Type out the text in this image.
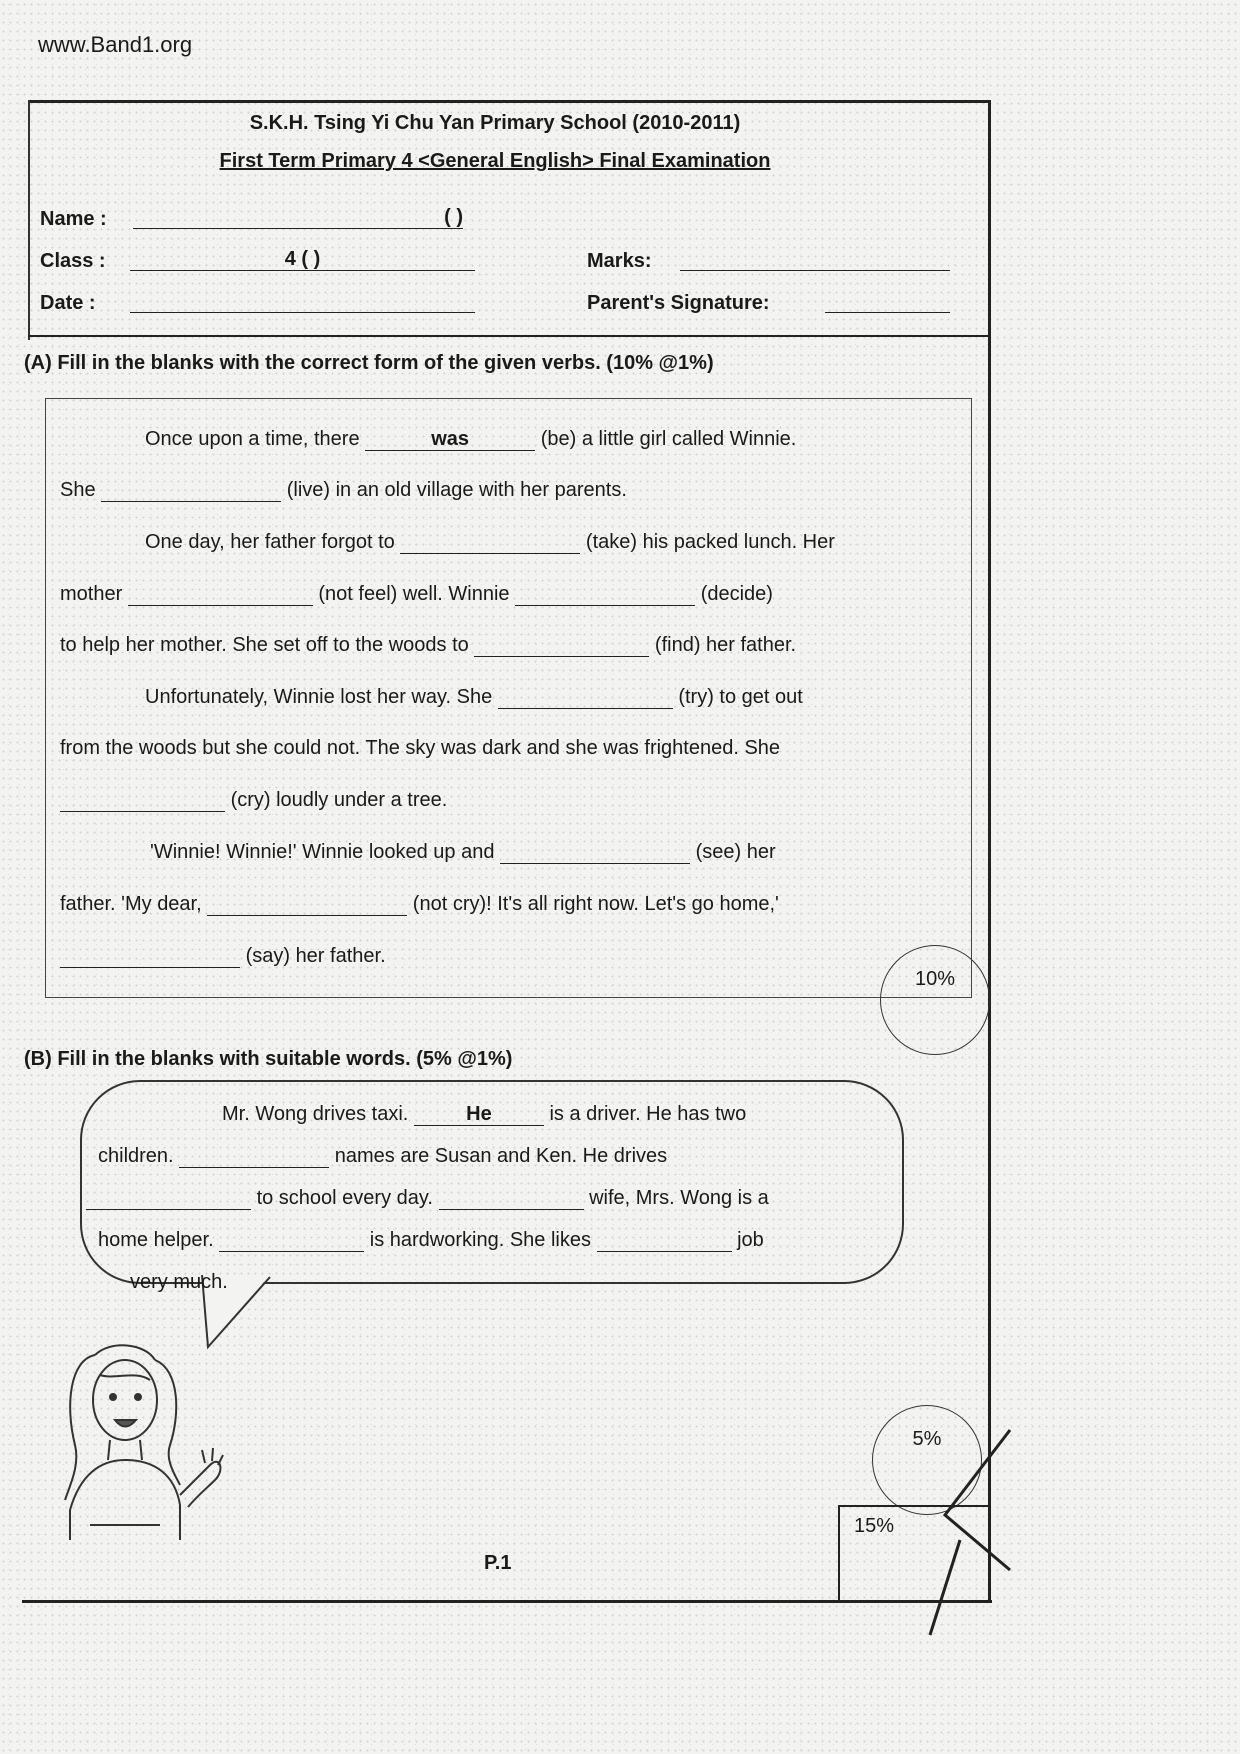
www.Band1.org
S.K.H. Tsing Yi Chu Yan Primary School (2010-2011)
First Term Primary 4 <General English> Final Examination
Name :	( )
Class :	4 ( )
Date :
Marks:
Parent's Signature:
(A) Fill in the blanks with the correct form of the given verbs. (10% @1%)
Once upon a time, there	was	(be) a little girl called Winnie.
She	(live) in an old village with her parents.
One day, her father forgot to	(take) his packed lunch. Her
mother	(not feel) well. Winnie	(decide)
to help her mother. She set off to the woods to	(find) her father.
Unfortunately, Winnie lost her way. She	(try) to get out
from the woods but she could not. The sky was dark and she was frightened. She
(cry) loudly under a tree.
'Winnie! Winnie!' Winnie looked up and	(see) her
father. 'My dear,	(not cry)! It's all right now. Let's go home,'
(say) her father.
10%
(B) Fill in the blanks with suitable words. (5% @1%)
Mr. Wong drives taxi.	He	is a driver. He has two
children.	names are Susan and Ken. He drives
to school every day.	wife, Mrs. Wong is a
home helper.	is hardworking. She likes	job
very much.
5%
15%
P.1
